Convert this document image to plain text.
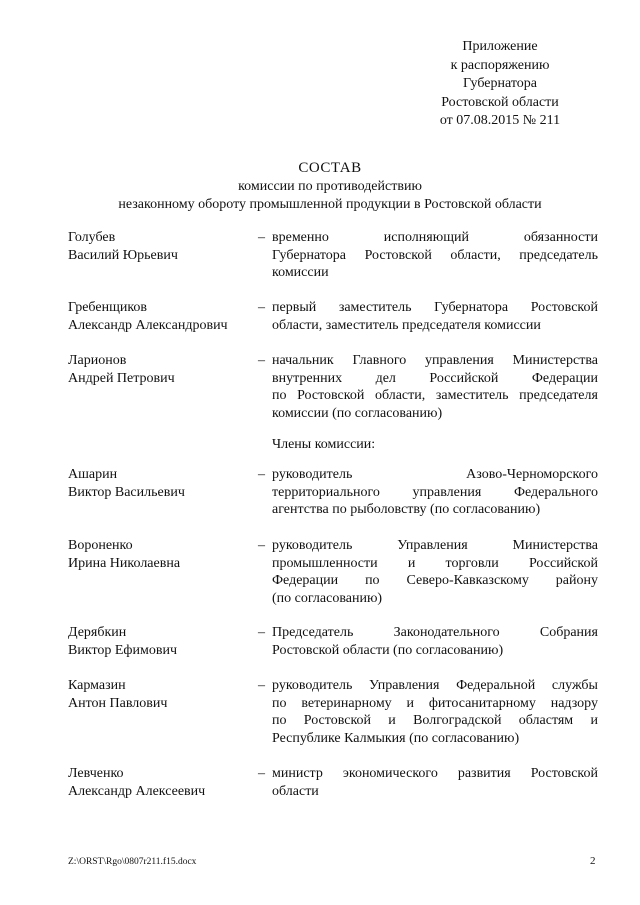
Приложение
к распоряжению
Губернатора
Ростовской области
от 07.08.2015 № 211
СОСТАВ
комиссии по противодействию
незаконному обороту промышленной продукции в Ростовской области
Голубев
Василий Юрьевич
– временно	исполняющий	обязанности
Губернатора Ростовской области, председатель
комиссии
Гребенщиков
Александр Александрович
– первый заместитель Губернатора Ростовской
области, заместитель председателя комиссии
Ларионов
Андрей Петрович
– начальник Главного управления Министерства
внутренних дел Российской Федерации
по Ростовской области, заместитель председателя
комиссии (по согласованию)
Члены комиссии:
Ашарин
Виктор Васильевич
– руководитель	Азово-Черноморского
территориального управления Федерального
агентства по рыболовству (по согласованию)
Вороненко
Ирина Николаевна
– руководитель	Управления	Министерства
промышленности и торговли Российской
Федерации по Северо-Кавказскому району
(по согласованию)
Дерябкин
Виктор Ефимович
– Председатель	Законодательного	Собрания
Ростовской области (по согласованию)
Кармазин
Антон Павлович
– руководитель Управления Федеральной службы
по ветеринарному и фитосанитарному надзору
по Ростовской и Волгоградской областям и
Республике Калмыкия (по согласованию)
Левченко
Александр Алексеевич
– министр экономического развития Ростовской
области
Z:\ORST\Rgo\0807r211.f15.docx	2
